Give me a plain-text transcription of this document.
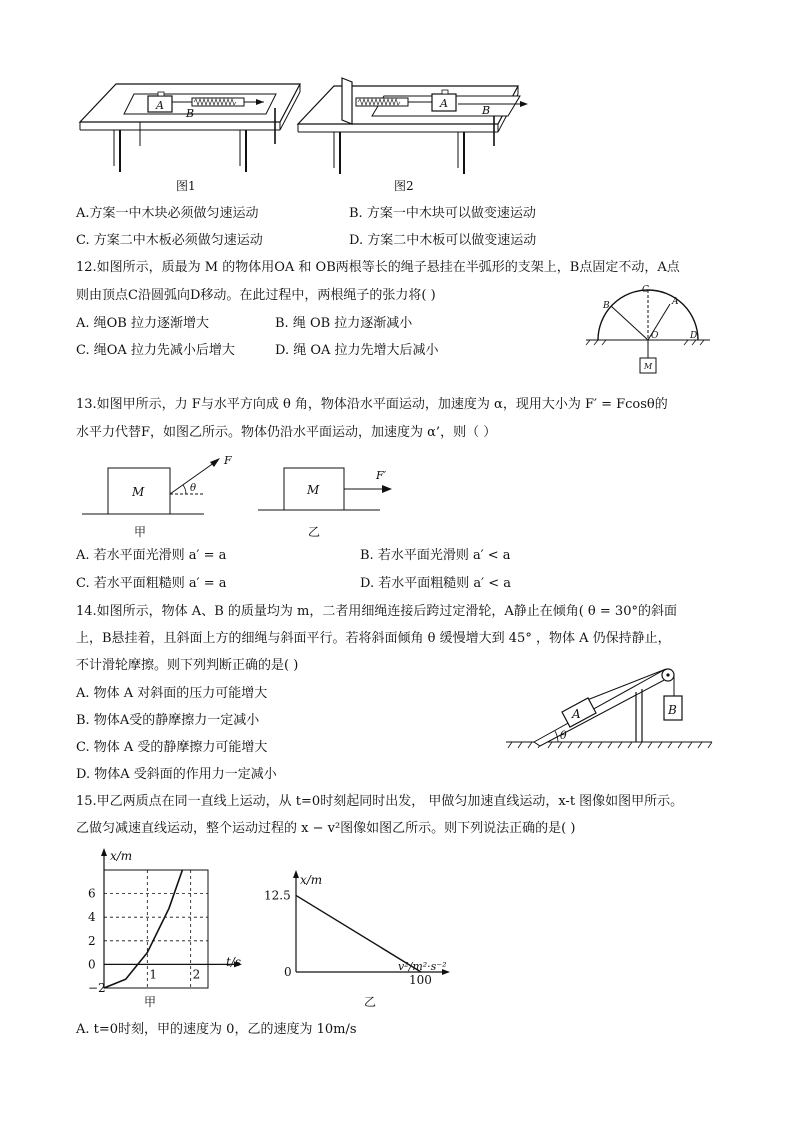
A
B
图1
A
B
图2
A.方案一中木块必须做匀速运动	B. 方案一中木块可以做变速运动
C. 方案二中木板必须做匀速运动	D. 方案二中木板可以做变速运动
12.如图所示，质最为 M 的物体用OA 和 OB两根等长的绳子悬挂在半弧形的支架上，B点固定不动，A点
则由顶点C沿圆弧向D移动。在此过程中，两根绳子的张力将( )
A. 绳OB 拉力逐渐增大	B. 绳 OB 拉力逐渐减小
C. 绳OA 拉力先减小后增大	D. 绳 OA 拉力先增大后减小
M
B
C
A
O	D
13.如图甲所示，力 F与水平方向成 θ 角，物体沿水平面运动，加速度为 α，现用大小为 F′ = Fcosθ的
水平力代替F，如图乙所示。物体仍沿水平面运动，加速度为 α’，则（ ）
M	θ
F
甲
M
F′
乙
A. 若水平面光滑则 a′ = a	B. 若水平面光滑则 a′ < a
C. 若水平面粗糙则 a′ = a	D. 若水平面粗糙则 a′ < a
14.如图所示，物体 A、B 的质量均为 m，二者用细绳连接后跨过定滑轮，A静止在倾角( θ = 30°的斜面
上，B悬挂着，且斜面上方的细绳与斜面平行。若将斜面倾角 θ 缓慢增大到 45° ，物体 A 仍保持静止，
不计滑轮摩擦。则下列判断正确的是( )
A. 物体 A 对斜面的压力可能增大
B. 物体A受的静摩擦力一定减小
C. 物体 A 受的静摩擦力可能增大
D. 物体A 受斜面的作用力一定减小
A	B
θ
15.甲乙两质点在同一直线上运动，从 t=0时刻起同时出发， 甲做匀加速直线运动，x-t 图像如图甲所示。
乙做匀减速直线运动，整个运动过程的 x − v²图像如图乙所示。则下列说法正确的是( )
6
4
2
0
−2
1	2
x/m
t/s
甲
x/m
12.5
0
100
v²/m²·s⁻²
乙
A. t=0时刻，甲的速度为 0，乙的速度为 10m/s
